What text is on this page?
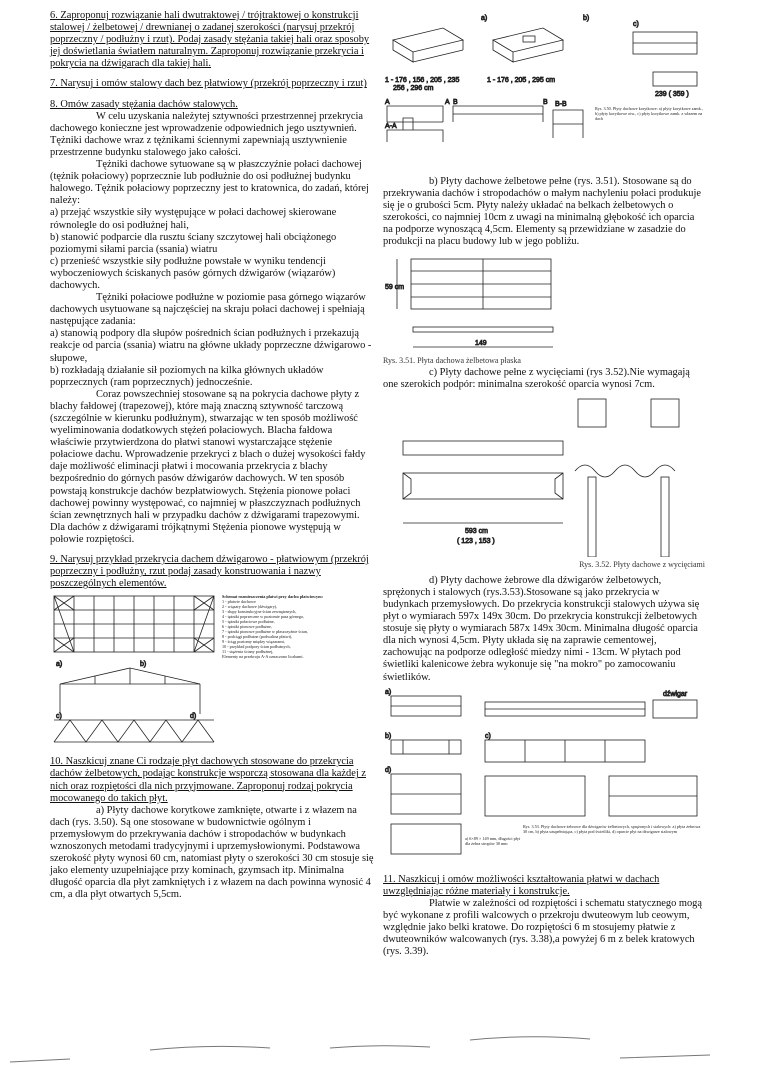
6. Zaproponuj rozwiązanie hali dwutraktowej / trójtraktowej o konstrukcji stalowej / żelbetowej / drewnianej o zadanej szerokości (narysuj przekrój poprzeczny / podłużny i rzut). Podaj zasady stężania takiej hali oraz sposoby jej doświetlania światłem naturalnym. Zaproponuj rozwiązanie przekrycia i pokrycia na dźwigarach dla takiej hali.

7. Narysuj i omów stalowy dach bez płatwiowy (przekrój poprzeczny i rzut)

8. Omów zasady stężania dachów stalowych.

W celu uzyskania należytej sztywności przestrzennej przekrycia dachowego konieczne jest wprowadzenie odpowiednich jego usztywnień. Tężniki dachowe wraz z tężnikami ściennymi zapewniają usztywnienie przestrzenne budynku stalowego jako całości.

Tężniki dachowe sytuowane są w płaszczyźnie połaci dachowej (tężnik połaciowy) poprzecznie lub podłużnie do osi podłużnej budynku halowego. Tężnik połaciowy poprzeczny jest to kratownica, do zadań, której należy:

a) przejąć wszystkie siły występujące w połaci dachowej skierowane równolegle do osi podłużnej hali,

b) stanowić podparcie dla rusztu ściany szczytowej hali obciążonego poziomymi siłami parcia (ssania) wiatru

c) przenieść wszystkie siły podłużne powstałe w wyniku tendencji wyboczeniowych ściskanych pasów górnych dźwigarów (wiązarów) dachowych.

Tężniki połaciowe podłużne w poziomie pasa górnego wiązarów dachowych usytuowane są najczęściej na skraju połaci dachowej i spełniają następujące zadania:

a) stanowią podpory dla słupów pośrednich ścian podłużnych i przekazują reakcje od parcia (ssania) wiatru na główne układy poprzeczne dźwigarowo - słupowe,

b) rozkładają działanie sił poziomych na kilka głównych układów poprzecznych (ram poprzecznych) jednocześnie.

Coraz powszechniej stosowane są na pokrycia dachowe płyty z blachy fałdowej (trapezowej), które mają znaczną sztywność tarczową (szczególnie w kierunku podłużnym), stwarzając w ten sposób możliwość wyeliminowania dodatkowych stężeń połaciowych. Blacha fałdowa właściwie przytwierdzona do płatwi stanowi wystarczające stężenie połaciowe dachu. Wprowadzenie przekryci z blach o dużej wysokości fałdy daje możliwość eliminacji płatwi i mocowania przekrycia z blachy bezpośrednio do górnych pasów dźwigarów dachowych. W ten sposób powstają konstrukcje dachów bezpłatwiowych. Stężenia pionowe połaci dachowej powinny występować, co najmniej w płaszczyznach podłużnych ścian zewnętrznych hali w przypadku dachów z dźwigarami trapezowymi. Dla dachów z dźwigarami trójkątnymi Stężenia pionowe występują w połowie rozpiętości.

9. Narysuj przykład przekrycia dachem dźwigarowo - płatwiowym (przekrój poprzeczny i podłużny, rzut podaj zasady konstruowania i nazwy poszczególnych elementów.

a)	b)
c)	d)
Schemat rozmieszczenia płatwi przy dachu płatwiowym:
1 - płatwie dachowe
2 - wiązary dachowe (dźwigary),
3 - słupy konstrukcyjne ścian zewnętrznych,
4 - tężniki poprzeczne w poziomie pasa górnego,
5 - tężniki połaciowe podłużne,
6 - tężniki pionowe podłużne,
7 - tężniki pionowe podłużne w płaszczyźnie ścian,
8 - podciągi podłużne (podwalina płatwi),
9 - ściąg poziomy między wiązarami,
10 - przykład podpory ścian podłużnych,
11 - stężenia ściany podłużnej,
Elementy na przekroju A-A oznaczono liczbami.

10. Naszkicuj znane Ci rodzaje płyt dachowych stosowane do przekrycia dachów żelbetowych, podając konstrukcje wsporczą stosowana dla każdej z nich oraz rozpiętości dla nich przyjmowane. Zaproponuj rodzaj pokrycia mocowanego do takich płyt.

a) Płyty dachowe korytkowe zamknięte, otwarte i z włazem na dach (rys. 3.50). Są one stosowane w budownictwie ogólnym i przemysłowym do przekrywania dachów i stropodachów w budynkach wznoszonych metodami tradycyjnymi i uprzemysłowionymi. Podstawowa szerokość płyty wynosi 60 cm, natomiast płyty o szerokości 30 cm stosuje się jako elementy uzupełniające przy kominach, gzymsach itp. Minimalna długość oparcia dla płyt zamkniętych i z włazem na dach powinna wynosić 4 cm, a dla płyt otwartych 5,5cm.

a)	b)
c)
A	A
A-A
B	B B-B
1 - 176 , 156 , 205 , 235
256 , 296 cm
1 - 176 , 205 , 295 cm
239 ( 359 )
Rys. 3.50. Płyty dachowe korytkowe: a) płyty korytkowe zamk., b) płyty korytkowe otw., c) płyty korytkowe zamk. z włazem na dach

b) Płyty dachowe żelbetowe pełne (rys. 3.51). Stosowane są do przekrywania dachów i stropodachów o małym nachyleniu połaci produkuje się je o grubości 5cm. Płyty należy układać na belkach żelbetowych o szerokości, co najmniej 10cm z uwagi na minimalną głębokość ich oparcia na podporze wynoszącą 4,5cm. Elementy są przewidziane w zasadzie do produkcji na placu budowy lub w jego pobliżu.

59 cm
149
Rys. 3.51. Płyta dachowa żelbetowa płaska

c) Płyty dachowe pełne z wycięciami (rys 3.52).Nie wymagają one szerokich podpór: minimalna szerokość oparcia wynosi 7cm.

593 cm
( 123 , 153 )
Rys. 3.52. Płyty dachowe z wycięciami

d) Płyty dachowe żebrowe dla dźwigarów żelbetowych, sprężonych i stalowych (rys.3.53).Stosowane są jako przekrycia w budynkach przemysłowych. Do przekrycia konstrukcji stalowych używa się płyt o wymiarach 597x 149x 30cm. Do przekrycia konstrukcji żelbetowych stosuje się płyty o wymiarach 587x 149x 30cm. Minimalna długość oparcia dla nich wynosi 4,5cm. Płyty układa się na zaprawie cementowej, zachowując na podporze odległość miedzy nimi - 13cm. W płytach pod świetliki kalenicowe żebra wykonuje się "na mokro" po zamocowaniu świetlików.

a)
b)	c)
d)
dźwigar
Rys. 3.53. Płyty dachowe żebrowe dla dźwigarów żelbetowych, sprężonych i stalowych: a) płyta żebrowa 30 cm, b) płyta uzupełniająca, c) płyta pod świetliki, d) oparcie płyt na dźwigarze stalowym
a) 6×89 × 149 mm, długości płyt dla żebra stropów 30 mm

11. Naszkicuj i omów możliwości kształtowania płatwi w dachach uwzględniając różne materiały i konstrukcje.

Płatwie w zależności od rozpiętości i schematu statycznego mogą być wykonane z profili walcowych o przekroju dwuteowym lub ceowym, względnie jako belki kratowe. Do rozpiętości 6 m stosujemy płatwie z dwuteowników walcowanych (rys. 3.38),a powyżej 6 m z belek kratowych (rys. 3.39).
